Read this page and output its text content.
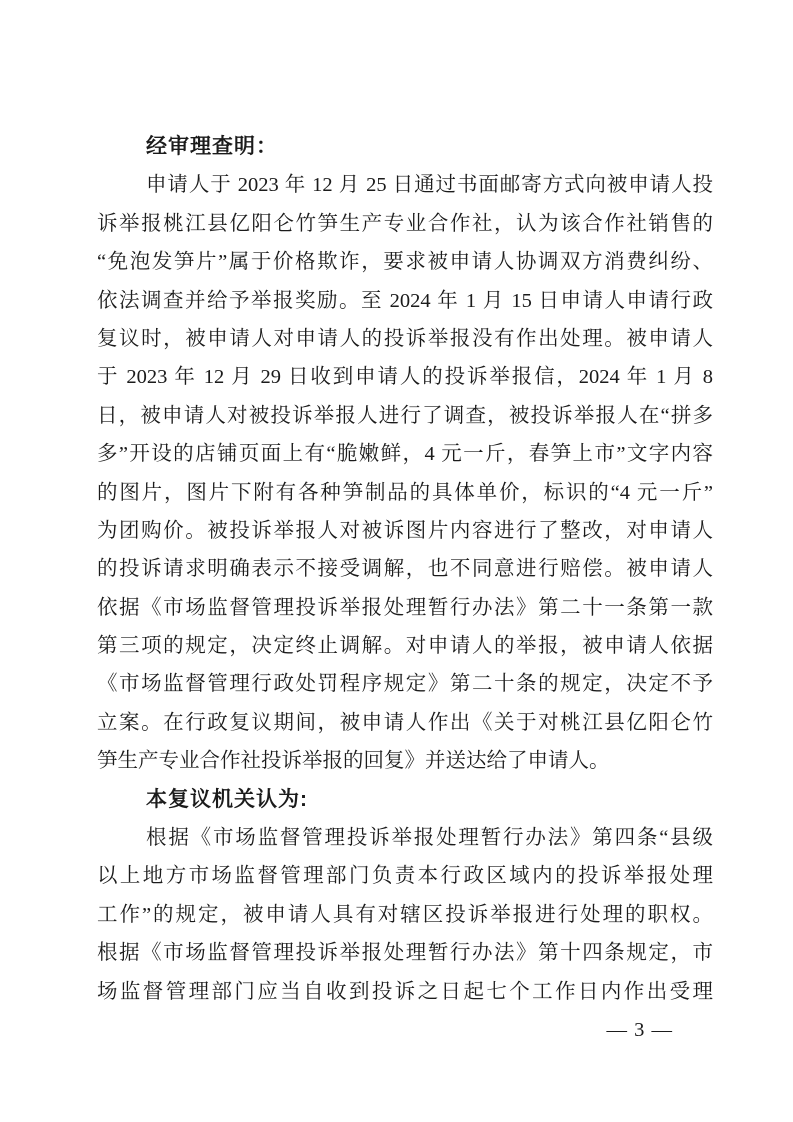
经审理查明：
申请人于 2023 年 12 月 25 日通过书面邮寄方式向被申请人投
诉举报桃江县亿阳仑竹笋生产专业合作社，认为该合作社销售的
“免泡发笋片”属于价格欺诈，要求被申请人协调双方消费纠纷、
依法调查并给予举报奖励。至 2024 年 1 月 15 日申请人申请行政
复议时，被申请人对申请人的投诉举报没有作出处理。被申请人
于 2023 年 12 月 29 日收到申请人的投诉举报信，2024 年 1 月 8
日，被申请人对被投诉举报人进行了调查，被投诉举报人在“拼多
多”开设的店铺页面上有“脆嫩鲜，4 元一斤，春笋上市”文字内容
的图片，图片下附有各种笋制品的具体单价，标识的“4 元一斤”
为团购价。被投诉举报人对被诉图片内容进行了整改，对申请人
的投诉请求明确表示不接受调解，也不同意进行赔偿。被申请人
依据《市场监督管理投诉举报处理暂行办法》第二十一条第一款
第三项的规定，决定终止调解。对申请人的举报，被申请人依据
《市场监督管理行政处罚程序规定》第二十条的规定，决定不予
立案。在行政复议期间，被申请人作出《关于对桃江县亿阳仑竹
笋生产专业合作社投诉举报的回复》并送达给了申请人。
本复议机关认为:
根据《市场监督管理投诉举报处理暂行办法》第四条“县级
以上地方市场监督管理部门负责本行政区域内的投诉举报处理
工作”的规定，被申请人具有对辖区投诉举报进行处理的职权。
根据《市场监督管理投诉举报处理暂行办法》第十四条规定，市
场监督管理部门应当自收到投诉之日起七个工作日内作出受理
— 3 —
